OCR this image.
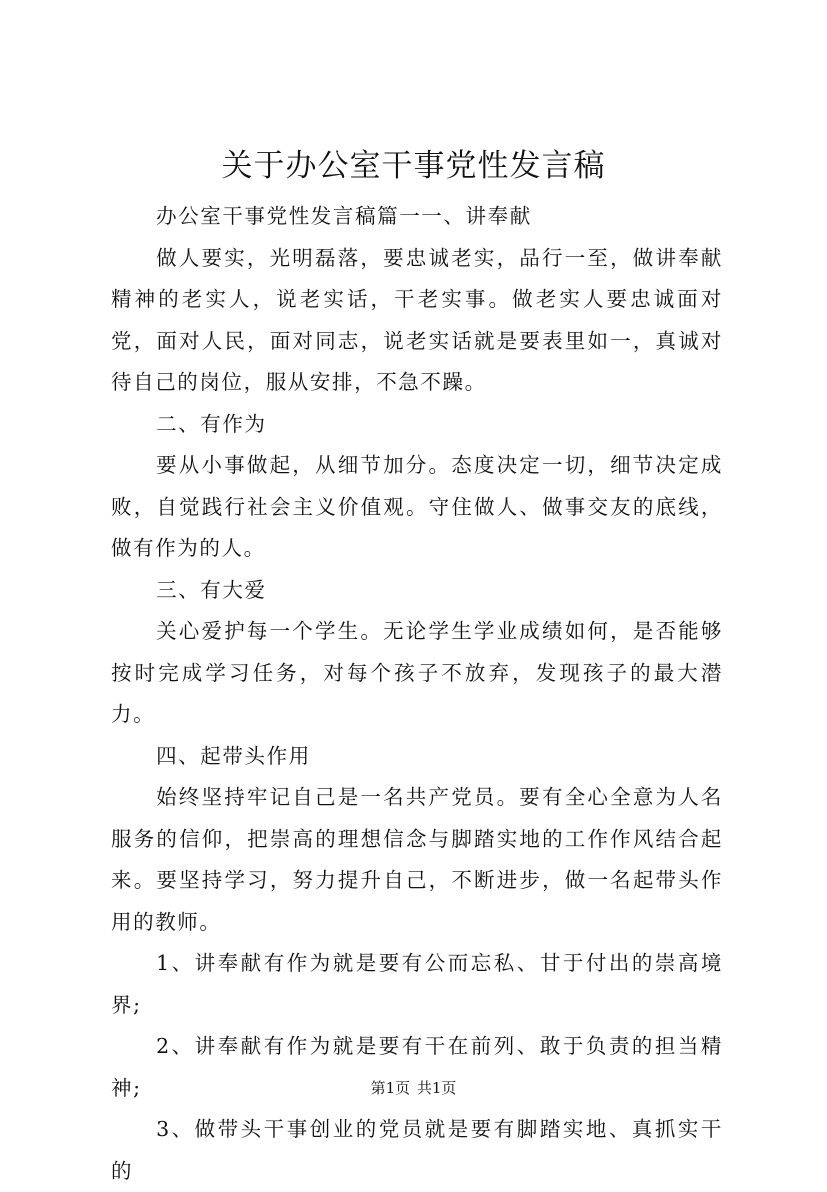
关于办公室干事党性发言稿

办公室干事党性发言稿篇一一、讲奉献

做人要实，光明磊落，要忠诚老实，品行一至，做讲奉献精神的老实人，说老实话，干老实事。做老实人要忠诚面对党，面对人民，面对同志，说老实话就是要表里如一，真诚对待自己的岗位，服从安排，不急不躁。

二、有作为

要从小事做起，从细节加分。态度决定一切，细节决定成败，自觉践行社会主义价值观。守住做人、做事交友的底线，做有作为的人。

三、有大爱

关心爱护每一个学生。无论学生学业成绩如何，是否能够按时完成学习任务，对每个孩子不放弃，发现孩子的最大潜力。

四、起带头作用

始终坚持牢记自己是一名共产党员。要有全心全意为人名服务的信仰，把崇高的理想信念与脚踏实地的工作作风结合起来。要坚持学习，努力提升自己，不断进步，做一名起带头作用的教师。

1、讲奉献有作为就是要有公而忘私、甘于付出的崇高境界;

2、讲奉献有作为就是要有干在前列、敢于负责的担当精神;

3、做带头干事创业的党员就是要有脚踏实地、真抓实干的

第1页 共1页
